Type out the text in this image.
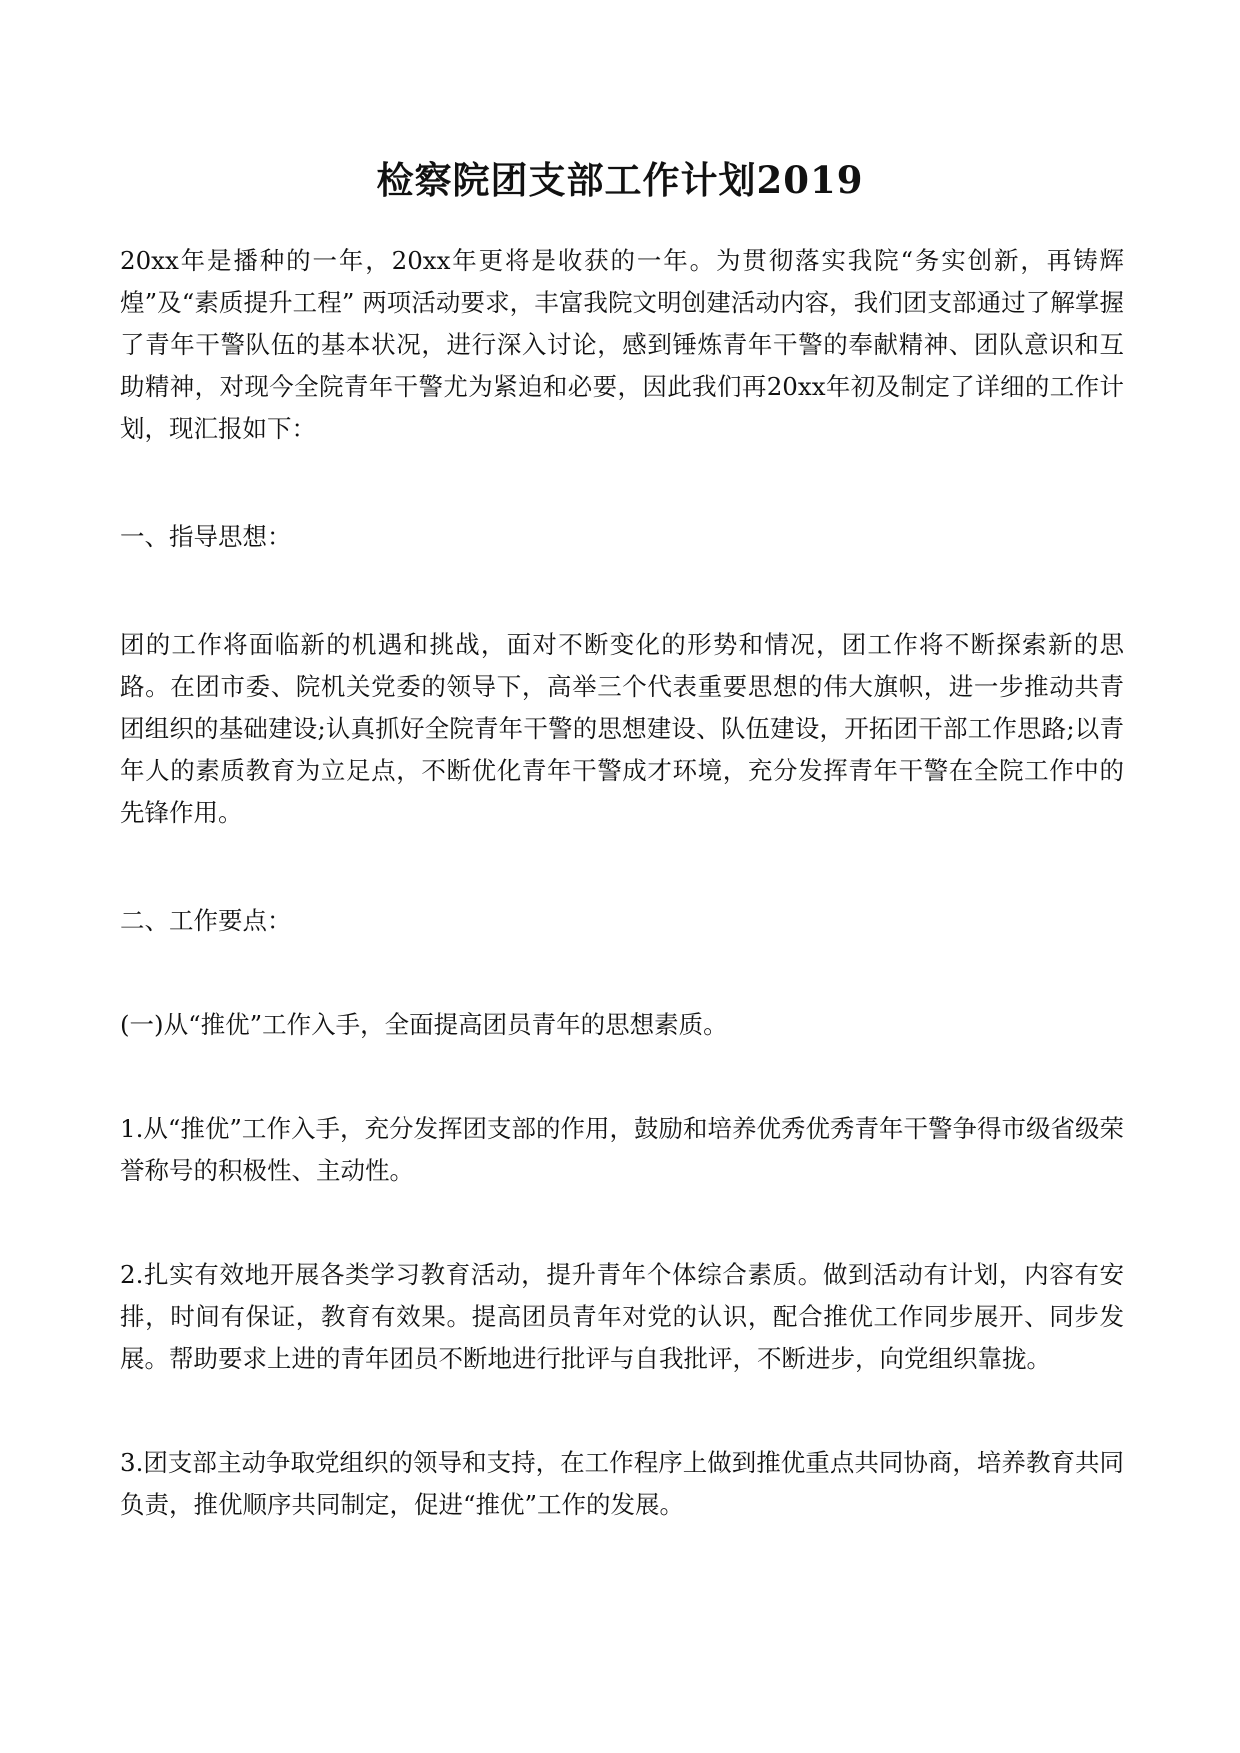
检察院团支部工作计划2019

20xx年是播种的一年，20xx年更将是收获的一年。为贯彻落实我院“务实创新，再铸辉煌”及“素质提升工程” 两项活动要求，丰富我院文明创建活动内容，我们团支部通过了解掌握了青年干警队伍的基本状况，进行深入讨论，感到锤炼青年干警的奉献精神、团队意识和互助精神，对现今全院青年干警尤为紧迫和必要，因此我们再20xx年初及制定了详细的工作计划，现汇报如下：

一、指导思想：

团的工作将面临新的机遇和挑战，面对不断变化的形势和情况，团工作将不断探索新的思路。在团市委、院机关党委的领导下，高举三个代表重要思想的伟大旗帜，进一步推动共青团组织的基础建设;认真抓好全院青年干警的思想建设、队伍建设，开拓团干部工作思路;以青年人的素质教育为立足点，不断优化青年干警成才环境，充分发挥青年干警在全院工作中的先锋作用。

二、工作要点：

(一)从“推优”工作入手，全面提高团员青年的思想素质。

1.从“推优”工作入手，充分发挥团支部的作用，鼓励和培养优秀优秀青年干警争得市级省级荣誉称号的积极性、主动性。

2.扎实有效地开展各类学习教育活动，提升青年个体综合素质。做到活动有计划，内容有安排，时间有保证，教育有效果。提高团员青年对党的认识，配合推优工作同步展开、同步发展。帮助要求上进的青年团员不断地进行批评与自我批评，不断进步，向党组织靠拢。

3.团支部主动争取党组织的领导和支持，在工作程序上做到推优重点共同协商，培养教育共同负责，推优顺序共同制定，促进“推优”工作的发展。
